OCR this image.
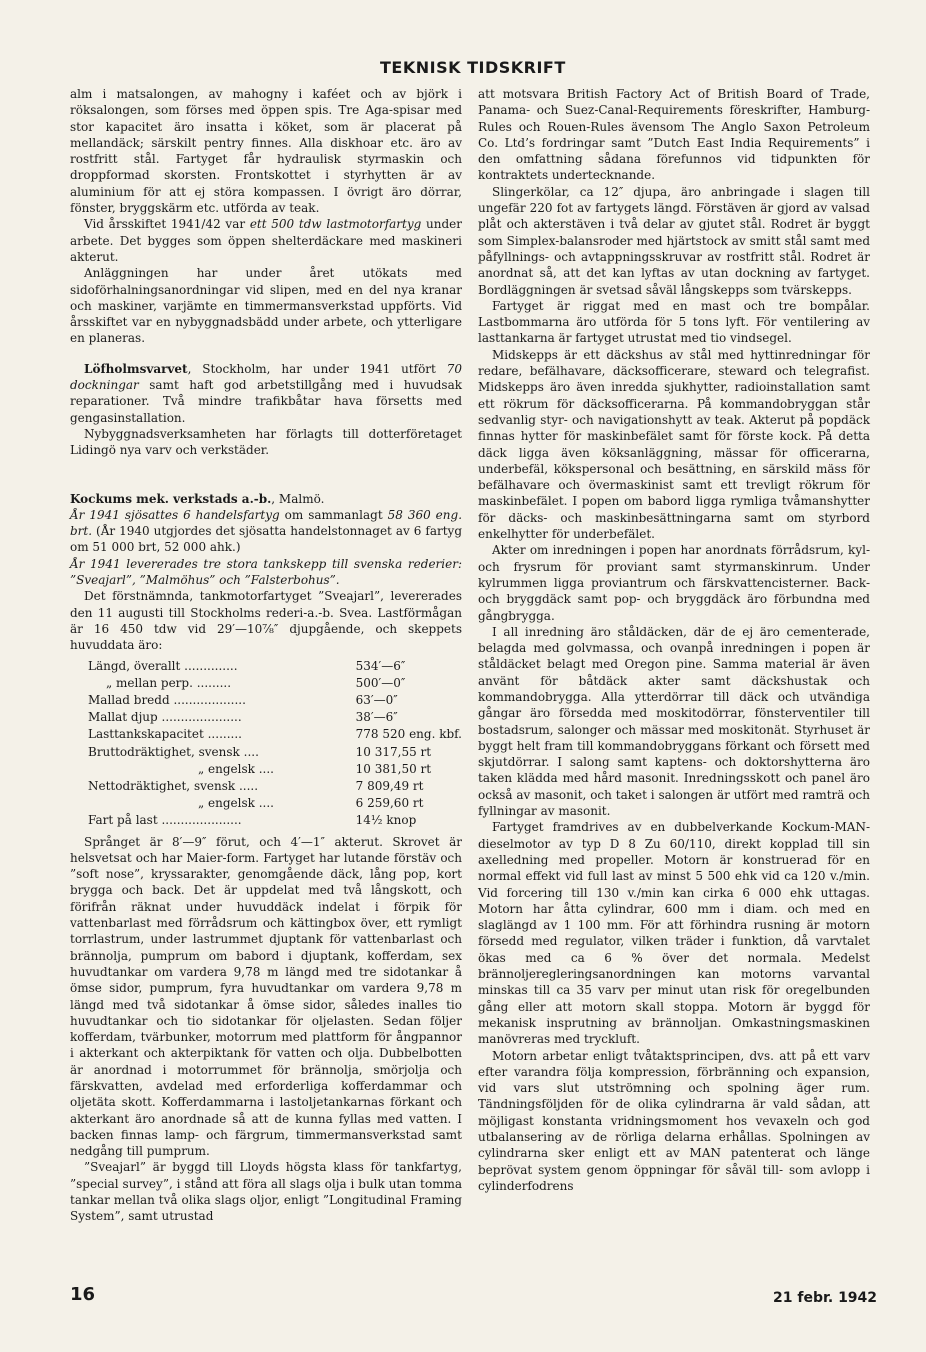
TEKNISK TIDSKRIFT

alm i matsalongen, av mahogny i kaféet och av björk i röksalongen, som förses med öppen spis. Tre Aga-spisar med stor kapacitet äro insatta i köket, som är placerat på mellandäck; särskilt pentry finnes. Alla diskhoar etc. äro av rostfritt stål. Fartyget får hydraulisk styrmaskin och droppformad skorsten. Frontskottet i styrhytten är av aluminium för att ej störa kompassen. I övrigt äro dörrar, fönster, bryggskärm etc. utförda av teak.

Vid årsskiftet 1941/42 var ett 500 tdw lastmotorfartyg under arbete. Det bygges som öppen shelterdäckare med maskineri akterut.

Anläggningen har under året utökats med sidoförhalningsanordningar vid slipen, med en del nya kranar och maskiner, varjämte en timmermansverkstad uppförts. Vid årsskiftet var en nybyggnadsbädd under arbete, och ytterligare en planeras.

Löfholmsvarvet, Stockholm, har under 1941 utfört 70 dockningar samt haft god arbetstillgång med i huvudsak reparationer. Två mindre trafikbåtar hava försetts med gengasinstallation.

Nybyggnadsverksamheten har förlagts till dotterföretaget Lidingö nya varv och verkstäder.

Kockums mek. verkstads a.-b., Malmö.

År 1941 sjösattes 6 handelsfartyg om sammanlagt 58 360 eng. brt. (År 1940 utgjordes det sjösatta handelstonnaget av 6 fartyg om 51 000 brt, 52 000 ahk.)

År 1941 levererades tre stora tankskepp till svenska rederier: ”Sveajarl”, ”Malmöhus” och ”Falsterbohus”.

Det förstnämnda, tankmotorfartyget ”Sveajarl”, levererades den 11 augusti till Stockholms rederi-a.-b. Svea. Lastförmågan är 16 450 tdw vid 29′—10⅞″ djupgående, och skeppets huvuddata äro:

Längd, överallt ..............	534′—6″
„ mellan perp. .........	500′—0″
Mallad bredd ...................	63′—0″
Mallat djup .....................	38′—6″
Lasttankskapacitet .........	778 520 eng. kbf.
Bruttodräktighet, svensk ....	10 317,55 rt
„ engelsk ....	10 381,50 rt
Nettodräktighet, svensk .....	7 809,49 rt
„ engelsk ....	6 259,60 rt
Fart på last .....................	14½ knop

Språnget är 8′—9″ förut, och 4′—1″ akterut. Skrovet är helsvetsat och har Maier-form. Fartyget har lutande förstäv och ”soft nose”, kryssarakter, genomgående däck, lång pop, kort brygga och back. Det är uppdelat med två långskott, och förifrån räknat under huvuddäck indelat i förpik för vattenbarlast med förrådsrum och kättingbox över, ett rymligt torrlastrum, under lastrummet djuptank för vattenbarlast och brännolja, pumprum om babord i djuptank, kofferdam, sex huvudtankar om vardera 9,78 m längd med tre sidotankar å ömse sidor, pumprum, fyra huvudtankar om vardera 9,78 m längd med två sidotankar å ömse sidor, således inalles tio huvudtankar och tio sidotankar för oljelasten. Sedan följer kofferdam, tvärbunker, motorrum med plattform för ångpannor i akterkant och akterpiktank för vatten och olja. Dubbelbotten är anordnad i motorrummet för brännolja, smörjolja och färskvatten, avdelad med erforderliga kofferdammar och oljetäta skott. Kofferdammarna i lastoljetankarnas förkant och akterkant äro anordnade så att de kunna fyllas med vatten. I backen finnas lamp- och färgrum, timmermansverkstad samt nedgång till pumprum.

”Sveajarl” är byggd till Lloyds högsta klass för tankfartyg, ”special survey”, i stånd att föra all slags olja i bulk utan tomma tankar mellan två olika slags oljor, enligt ”Longitudinal Framing System”, samt utrustad

att motsvara British Factory Act of British Board of Trade, Panama- och Suez-Canal-Requirements föreskrifter, Hamburg-Rules och Rouen-Rules ävensom The Anglo Saxon Petroleum Co. Ltd’s fordringar samt ”Dutch East India Requirements” i den omfattning sådana förefunnos vid tidpunkten för kontraktets undertecknande.

Slingerkölar, ca 12″ djupa, äro anbringade i slagen till ungefär 220 fot av fartygets längd. Förstäven är gjord av valsad plåt och akterstäven i två delar av gjutet stål. Rodret är byggt som Simplex-balansroder med hjärtstock av smitt stål samt med påfyllnings- och avtappningsskruvar av rostfritt stål. Rodret är anordnat så, att det kan lyftas av utan dockning av fartyget. Bordläggningen är svetsad såväl långskepps som tvärskepps.

Fartyget är riggat med en mast och tre bompålar. Lastbommarna äro utförda för 5 tons lyft. För ventilering av lasttankarna är fartyget utrustat med tio vindsegel.

Midskepps är ett däckshus av stål med hyttinredningar för redare, befälhavare, däcksofficerare, steward och telegrafist. Midskepps äro även inredda sjukhytter, radioinstallation samt ett rökrum för däcksofficerarna. På kommandobryggan står sedvanlig styr- och navigationshytt av teak. Akterut på popdäck finnas hytter för maskinbefälet samt för förste kock. På detta däck ligga även köksanläggning, mässar för officerarna, underbefäl, kökspersonal och besättning, en särskild mäss för befälhavare och övermaskinist samt ett trevligt rökrum för maskinbefälet. I popen om babord ligga rymliga tvåmanshytter för däcks- och maskinbesättningarna samt om styrbord enkelhytter för underbefälet.

Akter om inredningen i popen har anordnats förrådsrum, kyl- och frysrum för proviant samt styrmanskinrum. Under kylrummen ligga proviantrum och färskvattencisterner. Back- och bryggdäck samt pop- och bryggdäck äro förbundna med gångbrygga.

I all inredning äro ståldäcken, där de ej äro cementerade, belagda med golvmassa, och ovanpå inredningen i popen är ståldäcket belagt med Oregon pine. Samma material är även använt för båtdäck akter samt däckshustak och kommandobrygga. Alla ytterdörrar till däck och utvändiga gångar äro försedda med moskitodörrar, fönsterventiler till bostadsrum, salonger och mässar med moskitonät. Styrhuset är byggt helt fram till kommandobryggans förkant och försett med skjutdörrar. I salong samt kaptens- och doktorshytterna äro taken klädda med hård masonit. Inredningsskott och panel äro också av masonit, och taket i salongen är utfört med ramträ och fyllningar av masonit.

Fartyget framdrives av en dubbelverkande Kockum-MAN-dieselmotor av typ D 8 Zu 60/110, direkt kopplad till sin axelledning med propeller. Motorn är konstruerad för en normal effekt vid full last av minst 5 500 ehk vid ca 120 v./min. Vid forcering till 130 v./min kan cirka 6 000 ehk uttagas. Motorn har åtta cylindrar, 600 mm i diam. och med en slaglängd av 1 100 mm. För att förhindra rusning är motorn försedd med regulator, vilken träder i funktion, då varvtalet ökas med ca 6 % över det normala. Medelst brännoljeregleringsanordningen kan motorns varvantal minskas till ca 35 varv per minut utan risk för oregelbunden gång eller att motorn skall stoppa. Motorn är byggd för mekanisk insprutning av brännoljan. Omkastningsmaskinen manövreras med tryckluft.

Motorn arbetar enligt tvåtaktsprincipen, dvs. att på ett varv efter varandra följa kompression, förbränning och expansion, vid vars slut utströmning och spolning äger rum. Tändningsföljden för de olika cylindrarna är vald sådan, att möjligast konstanta vridningsmoment hos vevaxeln och god utbalansering av de rörliga delarna erhållas. Spolningen av cylindrarna sker enligt ett av MAN patenterat och länge beprövat system genom öppningar för såväl till- som avlopp i cylinderfodrens

16	21 febr. 1942
